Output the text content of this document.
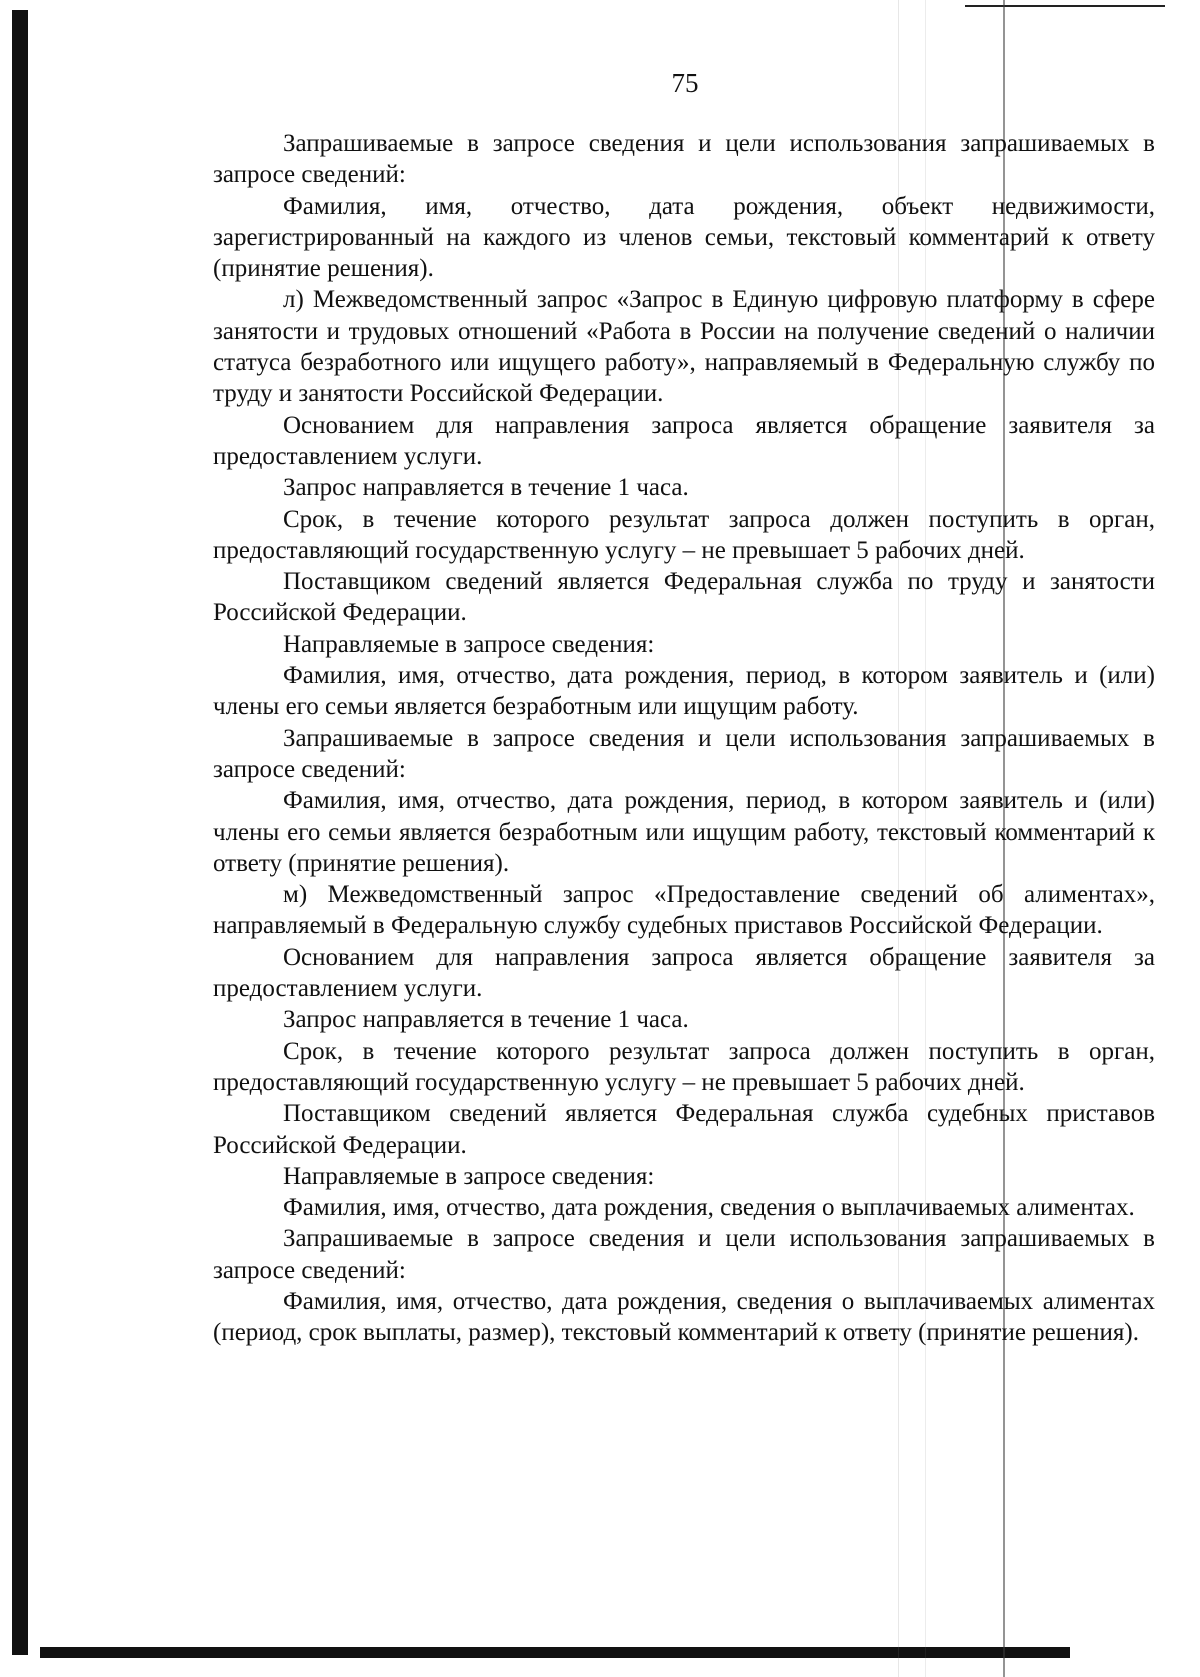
75

Запрашиваемые в запросе сведения и цели использования запрашиваемых в запросе сведений:

Фамилия, имя, отчество, дата рождения, объект недвижимости, зарегистрированный на каждого из членов семьи, текстовый комментарий к ответу (принятие решения).

л) Межведомственный запрос «Запрос в Единую цифровую платформу в сфере занятости и трудовых отношений «Работа в России на получение сведений о наличии статуса безработного или ищущего работу», направляемый в Федеральную службу по труду и занятости Российской Федерации.

Основанием для направления запроса является обращение заявителя за предоставлением услуги.

Запрос направляется в течение 1 часа.

Срок, в течение которого результат запроса должен поступить в орган, предоставляющий государственную услугу – не превышает 5 рабочих дней.

Поставщиком сведений является Федеральная служба по труду и занятости Российской Федерации.

Направляемые в запросе сведения:

Фамилия, имя, отчество, дата рождения, период, в котором заявитель и (или) члены его семьи является безработным или ищущим работу.

Запрашиваемые в запросе сведения и цели использования запрашиваемых в запросе сведений:

Фамилия, имя, отчество, дата рождения, период, в котором заявитель и (или) члены его семьи является безработным или ищущим работу, текстовый комментарий к ответу (принятие решения).

м) Межведомственный запрос «Предоставление сведений об алиментах», направляемый в Федеральную службу судебных приставов Российской Федерации.

Основанием для направления запроса является обращение заявителя за предоставлением услуги.

Запрос направляется в течение 1 часа.

Срок, в течение которого результат запроса должен поступить в орган, предоставляющий государственную услугу – не превышает 5 рабочих дней.

Поставщиком сведений является Федеральная служба судебных приставов Российской Федерации.

Направляемые в запросе сведения:

Фамилия, имя, отчество, дата рождения, сведения о выплачиваемых алиментах.

Запрашиваемые в запросе сведения и цели использования запрашиваемых в запросе сведений:

Фамилия, имя, отчество, дата рождения, сведения о выплачиваемых алиментах (период, срок выплаты, размер), текстовый комментарий к ответу (принятие решения).
